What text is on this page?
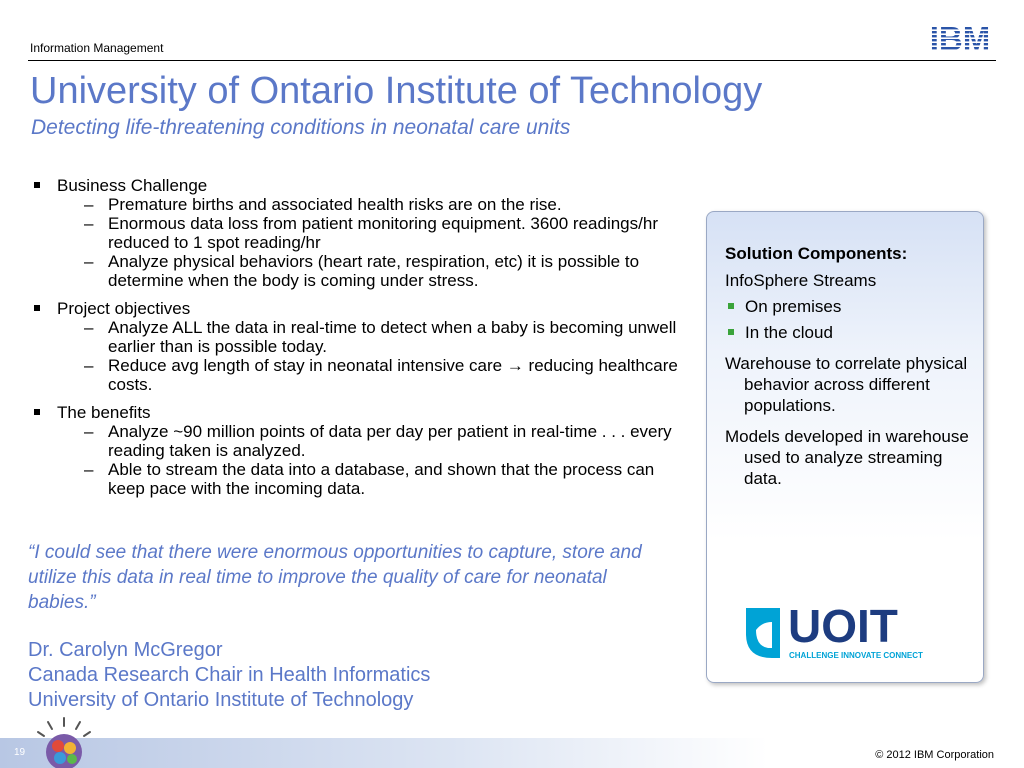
Information Management	IBM
University of Ontario Institute of Technology
Detecting life-threatening conditions in neonatal care units
Business Challenge
– Premature births and associated health risks are on the rise.
– Enormous data loss from patient monitoring equipment. 3600 readings/hr reduced to 1 spot reading/hr
– Analyze physical behaviors (heart rate, respiration, etc) it is possible to determine when the body is coming under stress.
Project objectives
– Analyze ALL the data in real-time to detect when a baby is becoming unwell earlier than is possible today.
– Reduce avg length of stay in neonatal intensive care → reducing healthcare costs.
The benefits
– Analyze ~90 million points of data per day per patient in real-time . . . every reading taken is analyzed.
– Able to stream the data into a database, and shown that the process can keep pace with the incoming data.
“I could see that there were enormous opportunities to capture, store and utilize this data in real time to improve the quality of care for neonatal babies.”
Dr. Carolyn McGregor
Canada Research Chair in Health Informatics
University of Ontario Institute of Technology
Solution Components:
InfoSphere Streams
On premises
In the cloud
Warehouse to correlate physical behavior across different populations.
Models developed in warehouse used to analyze streaming data.
UOIT
CHALLENGE INNOVATE CONNECT
19	© 2012 IBM Corporation
